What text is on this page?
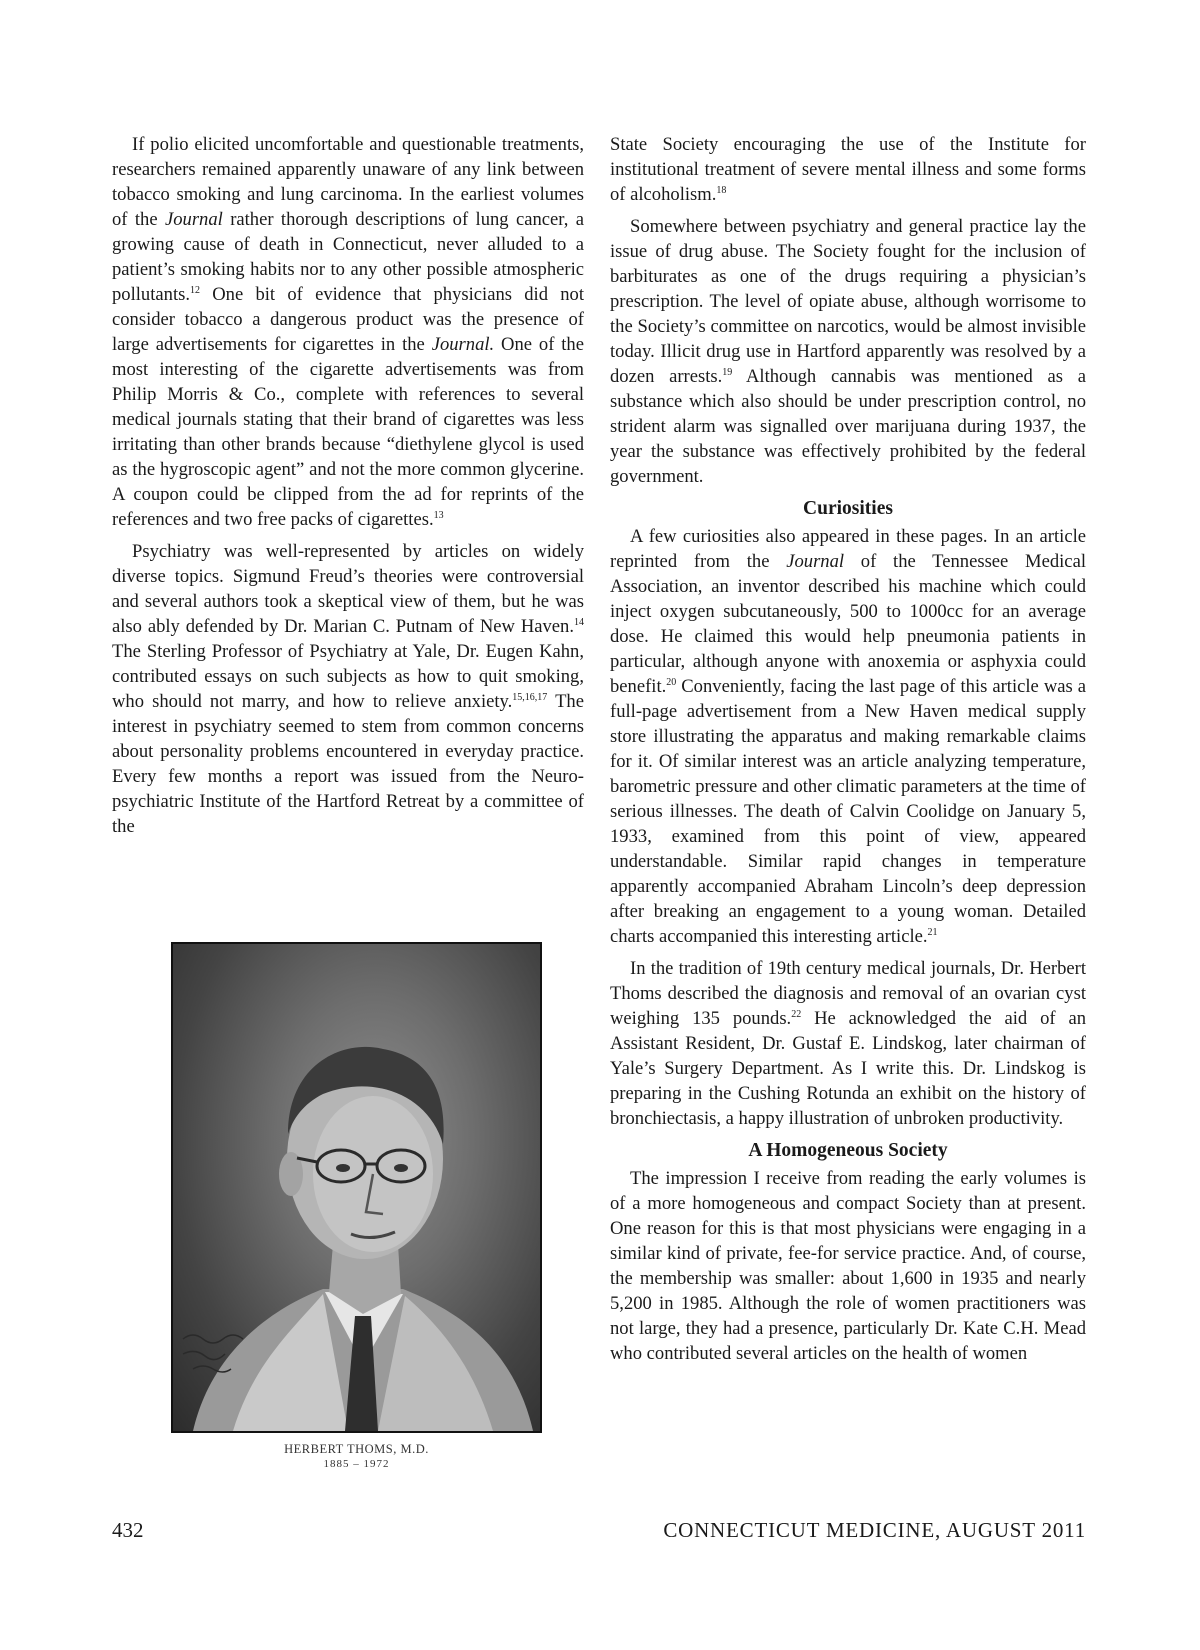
If polio elicited uncomfortable and questionable treatments, researchers remained apparently unaware of any link between tobacco smoking and lung carcinoma. In the earliest volumes of the Journal rather thorough descriptions of lung cancer, a growing cause of death in Connecticut, never alluded to a patient’s smoking habits nor to any other possible atmospheric pollutants.$^{12}$ One bit of evidence that physicians did not consider tobacco a dangerous product was the presence of large advertisements for cigarettes in the Journal. One of the most interesting of the cigarette advertisements was from Philip Morris & Co., complete with references to several medical journals stating that their brand of cigarettes was less irritating than other brands because “diethylene glycol is used as the hygroscopic agent” and not the more common glycerine. A coupon could be clipped from the ad for reprints of the references and two free packs of cigarettes.$^{13}$

Psychiatry was well-represented by articles on widely diverse topics. Sigmund Freud’s theories were controversial and several authors took a skeptical view of them, but he was also ably defended by Dr. Marian C. Putnam of New Haven.$^{14}$ The Sterling Professor of Psychiatry at Yale, Dr. Eugen Kahn, contributed essays on such subjects as how to quit smoking, who should not marry, and how to relieve anxiety.$^{15,16,17}$ The interest in psychiatry seemed to stem from common concerns about personality problems encountered in everyday practice. Every few months a report was issued from the Neuro-psychiatric Institute of the Hartford Retreat by a committee of the

State Society encouraging the use of the Institute for institutional treatment of severe mental illness and some forms of alcoholism.$^{18}$

Somewhere between psychiatry and general practice lay the issue of drug abuse. The Society fought for the inclusion of barbiturates as one of the drugs requiring a physician’s prescription. The level of opiate abuse, although worrisome to the Society’s committee on narcotics, would be almost invisible today. Illicit drug use in Hartford apparently was resolved by a dozen arrests.$^{19}$ Although cannabis was mentioned as a substance which also should be under prescription control, no strident alarm was signalled over marijuana during 1937, the year the substance was effectively prohibited by the federal government.

Curiosities

A few curiosities also appeared in these pages. In an article reprinted from the Journal of the Tennessee Medical Association, an inventor described his machine which could inject oxygen subcutaneously, 500 to 1000cc for an average dose. He claimed this would help pneumonia patients in particular, although anyone with anoxemia or asphyxia could benefit.$^{20}$ Conveniently, facing the last page of this article was a full-page advertisement from a New Haven medical supply store illustrating the apparatus and making remarkable claims for it. Of similar interest was an article analyzing temperature, barometric pressure and other climatic parameters at the time of serious illnesses. The death of Calvin Coolidge on January 5, 1933, examined from this point of view, appeared understandable. Similar rapid changes in temperature apparently accompanied Abraham Lincoln’s deep depression after breaking an engagement to a young woman. Detailed charts accompanied this interesting article.$^{21}$

In the tradition of 19th century medical journals, Dr. Herbert Thoms described the diagnosis and removal of an ovarian cyst weighing 135 pounds.$^{22}$ He acknowledged the aid of an Assistant Resident, Dr. Gustaf E. Lindskog, later chairman of Yale’s Surgery Department. As I write this. Dr. Lindskog is preparing in the Cushing Rotunda an exhibit on the history of bronchiectasis, a happy illustration of unbroken productivity.

A Homogeneous Society

The impression I receive from reading the early volumes is of a more homogeneous and compact Society than at present. One reason for this is that most physicians were engaging in a similar kind of private, fee-for service practice. And, of course, the membership was smaller: about 1,600 in 1935 and nearly 5,200 in 1985. Although the role of women practitioners was not large, they had a presence, particularly Dr. Kate C.H. Mead who contributed several articles on the health of women

HERBERT THOMS, M.D.
1885 – 1972
432	CONNECTICUT MEDICINE, AUGUST 2011
